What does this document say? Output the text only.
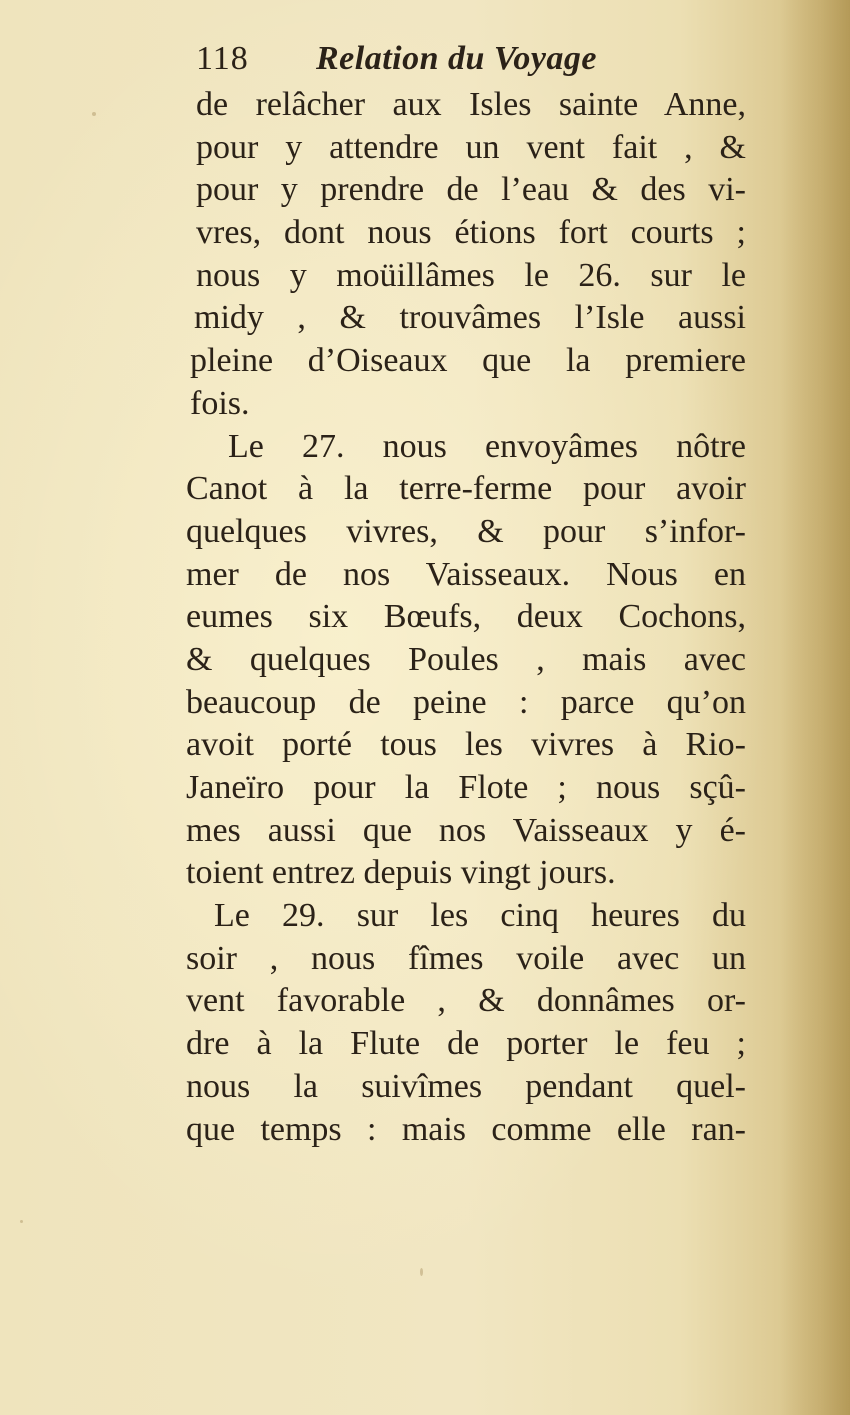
118 Relation du Voyage
de relâcher aux Isles sainte Anne,
pour y attendre un vent fait , &
pour y prendre de l’eau & des vi-
vres, dont nous étions fort courts ;
nous y moüillâmes le 26. sur le
midy , & trouvâmes l’Isle aussi
pleine d’Oiseaux que la premiere
fois.
Le 27. nous envoyâmes nôtre
Canot à la terre-ferme pour avoir
quelques vivres, & pour s’infor-
mer de nos Vaisseaux. Nous en
eumes six Bœufs, deux Cochons,
& quelques Poules , mais avec
beaucoup de peine : parce qu’on
avoit porté tous les vivres à Rio-
Janeïro pour la Flote ; nous sçû-
mes aussi que nos Vaisseaux y é-
toient entrez depuis vingt jours.
Le 29. sur les cinq heures du
soir , nous fîmes voile avec un
vent favorable , & donnâmes or-
dre à la Flute de porter le feu ;
nous la suivîmes pendant quel-
que temps : mais comme elle ran-
